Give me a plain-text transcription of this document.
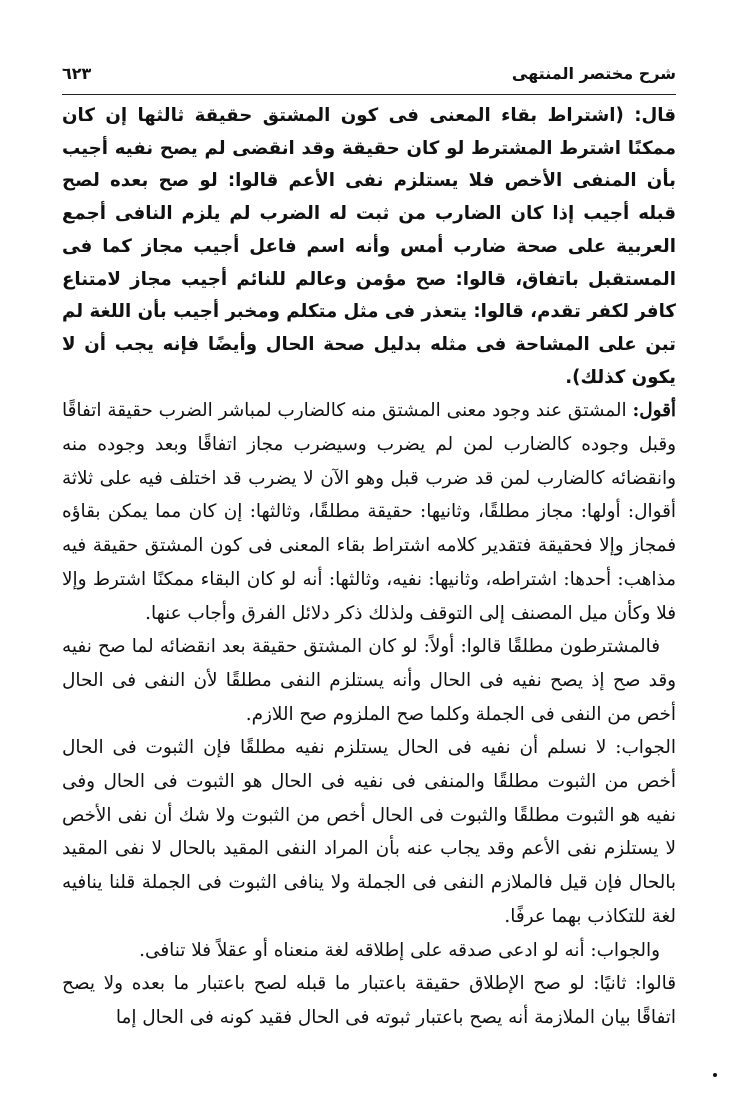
شرح مختصر المنتهى
٦٢٣

قال: (اشتراط بقاء المعنى فى كون المشتق حقيقة ثالثها إن كان ممكنًا اشترط المشترط لو كان حقيقة وقد انقضى لم يصح نفيه أجيب بأن المنفى الأخص فلا يستلزم نفى الأعم قالوا: لو صح بعده لصح قبله أجيب إذا كان الضارب من ثبت له الضرب لم يلزم النافى أجمع العربية على صحة ضارب أمس وأنه اسم فاعل أجيب مجاز كما فى المستقبل باتفاق، قالوا: صح مؤمن وعالم للنائم أجيب مجاز لامتناع كافر لكفر تقدم، قالوا: يتعذر فى مثل متكلم ومخبر أجيب بأن اللغة لم تبن على المشاحة فى مثله بدليل صحة الحال وأيضًا فإنه يجب أن لا يكون كذلك).

أقول: المشتق عند وجود معنى المشتق منه كالضارب لمباشر الضرب حقيقة اتفاقًا وقبل وجوده كالضارب لمن لم يضرب وسيضرب مجاز اتفاقًا وبعد وجوده منه وانقضائه كالضارب لمن قد ضرب قبل وهو الآن لا يضرب قد اختلف فيه على ثلاثة أقوال: أولها: مجاز مطلقًا، وثانيها: حقيقة مطلقًا، وثالثها: إن كان مما يمكن بقاؤه فمجاز وإلا فحقيقة فتقدير كلامه اشتراط بقاء المعنى فى كون المشتق حقيقة فيه مذاهب: أحدها: اشتراطه، وثانيها: نفيه، وثالثها: أنه لو كان البقاء ممكنًا اشترط وإلا فلا وكأن ميل المصنف إلى التوقف ولذلك ذكر دلائل الفرق وأجاب عنها.

فالمشترطون مطلقًا قالوا: أولاً: لو كان المشتق حقيقة بعد انقضائه لما صح نفيه وقد صح إذ يصح نفيه فى الحال وأنه يستلزم النفى مطلقًا لأن النفى فى الحال أخص من النفى فى الجملة وكلما صح الملزوم صح اللازم.

الجواب: لا نسلم أن نفيه فى الحال يستلزم نفيه مطلقًا فإن الثبوت فى الحال أخص من الثبوت مطلقًا والمنفى فى نفيه فى الحال هو الثبوت فى الحال وفى نفيه هو الثبوت مطلقًا والثبوت فى الحال أخص من الثبوت ولا شك أن نفى الأخص لا يستلزم نفى الأعم وقد يجاب عنه بأن المراد النفى المقيد بالحال لا نفى المقيد بالحال فإن قيل فالملازم النفى فى الجملة ولا ينافى الثبوت فى الجملة قلنا ينافيه لغة للتكاذب بهما عرفًا.

والجواب: أنه لو ادعى صدقه على إطلاقه لغة منعناه أو عقلاً فلا تنافى.

قالوا: ثانيًا: لو صح الإطلاق حقيقة باعتبار ما قبله لصح باعتبار ما بعده ولا يصح اتفاقًا بيان الملازمة أنه يصح باعتبار ثبوته فى الحال فقيد كونه فى الحال إما
